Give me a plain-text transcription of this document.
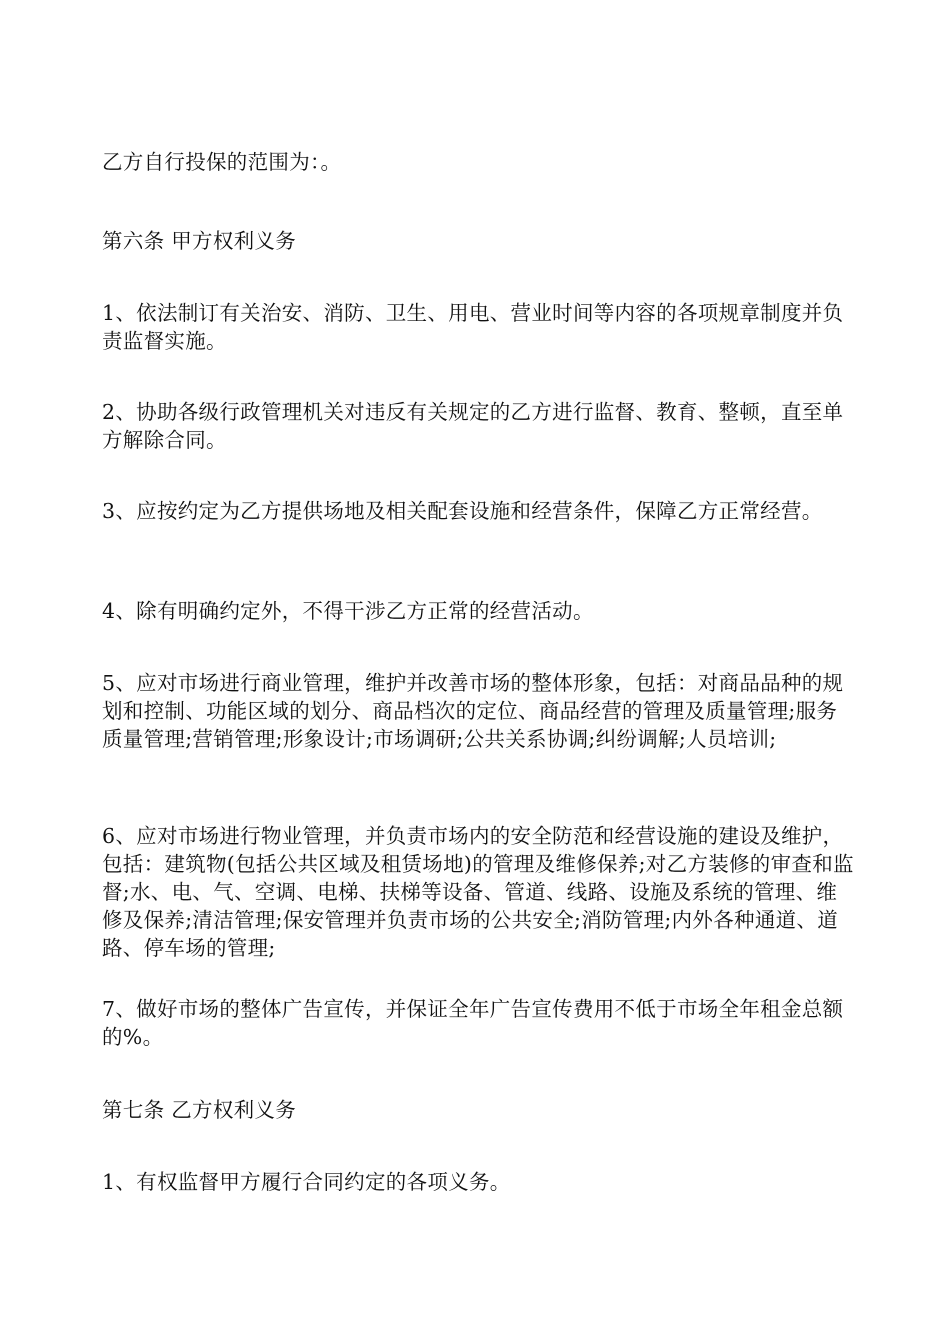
乙方自行投保的范围为：。

第六条 甲方权利义务

1、依法制订有关治安、消防、卫生、用电、营业时间等内容的各项规章制度并负责监督实施。

2、协助各级行政管理机关对违反有关规定的乙方进行监督、教育、整顿，直至单方解除合同。

3、应按约定为乙方提供场地及相关配套设施和经营条件，保障乙方正常经营。

4、除有明确约定外，不得干涉乙方正常的经营活动。

5、应对市场进行商业管理，维护并改善市场的整体形象，包括：对商品品种的规划和控制、功能区域的划分、商品档次的定位、商品经营的管理及质量管理;服务质量管理;营销管理;形象设计;市场调研;公共关系协调;纠纷调解;人员培训;

6、应对市场进行物业管理，并负责市场内的安全防范和经营设施的建设及维护，包括：建筑物(包括公共区域及租赁场地)的管理及维修保养;对乙方装修的审查和监督;水、电、气、空调、电梯、扶梯等设备、管道、线路、设施及系统的管理、维修及保养;清洁管理;保安管理并负责市场的公共安全;消防管理;内外各种通道、道路、停车场的管理;

7、做好市场的整体广告宣传，并保证全年广告宣传费用不低于市场全年租金总额的%。

第七条 乙方权利义务

1、有权监督甲方履行合同约定的各项义务。
